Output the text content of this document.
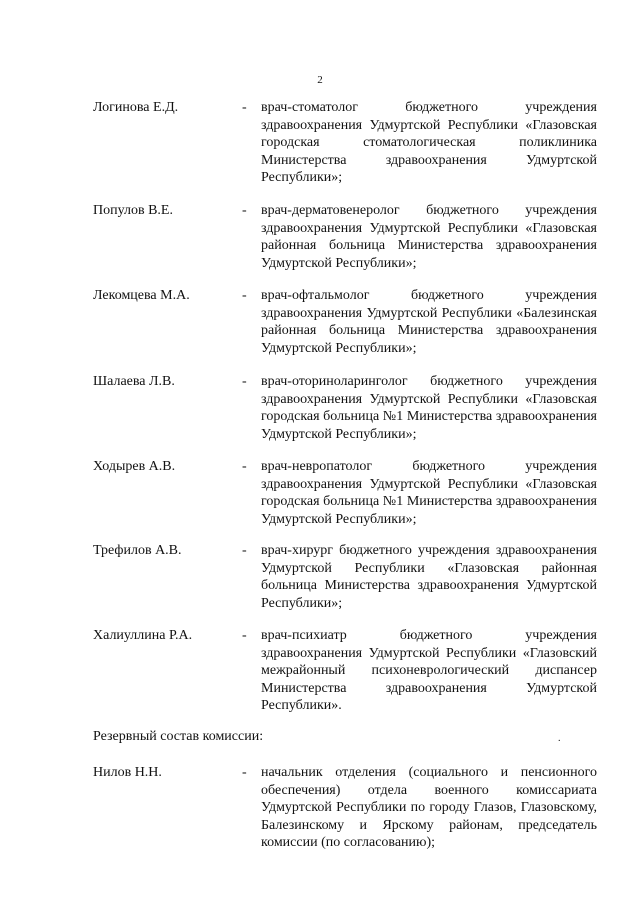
2
Логинова Е.Д.	- врач-стоматолог бюджетного учреждения здравоохранения Удмуртской Республики «Глазовская городская стоматологическая поликлиника Министерства здравоохранения Удмуртской Республики»;
Популов В.Е.	- врач-дерматовенеролог бюджетного учреждения здравоохранения Удмуртской Республики «Глазовская районная больница Министерства здравоохранения Удмуртской Республики»;
Лекомцева М.А.	- врач-офтальмолог бюджетного учреждения здравоохранения Удмуртской Республики «Балезинская районная больница Министерства здравоохранения Удмуртской Республики»;
Шалаева Л.В.	- врач-оториноларинголог бюджетного учреждения здравоохранения Удмуртской Республики «Глазовская городская больница №1 Министерства здравоохранения Удмуртской Республики»;
Ходырев А.В.	- врач-невропатолог бюджетного учреждения здравоохранения Удмуртской Республики «Глазовская городская больница №1 Министерства здравоохранения Удмуртской Республики»;
Трефилов А.В.	- врач-хирург бюджетного учреждения здравоохранения Удмуртской Республики «Глазовская районная больница Министерства здравоохранения Удмуртской Республики»;
Халиуллина Р.А.	- врач-психиатр бюджетного учреждения здравоохранения Удмуртской Республики «Глазовский межрайонный психоневрологический диспансер Министерства здравоохранения Удмуртской Республики».
Резервный состав комиссии:	.
Нилов Н.Н.	- начальник отделения (социального и пенсионного обеспечения) отдела военного комиссариата Удмуртской Республики по городу Глазов, Глазовскому, Балезинскому и Ярскому районам, председатель комиссии (по согласованию);
